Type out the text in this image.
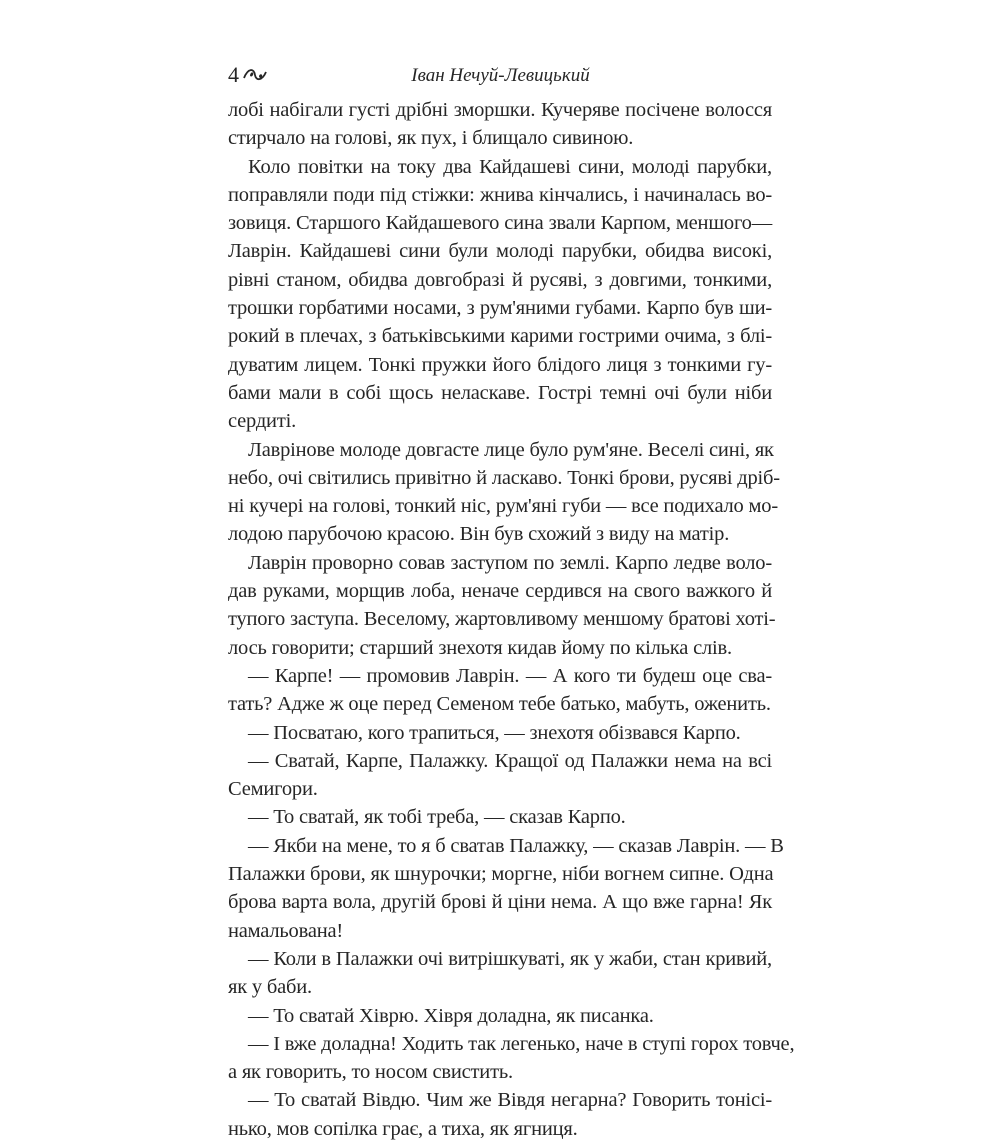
4	Іван Нечуй-Левицький
лобі набігали густі дрібні зморшки. Кучеряве посічене волосся
стирчало на голові, як пух, і блищало сивиною.
Коло повітки на току два Кайдашеві сини, молоді парубки,
поправляли поди під стіжки: жнива кінчались, і начиналась во-
зовиця. Старшого Кайдашевого сина звали Карпом, меншого—
Лаврін. Кайдашеві сини були молоді парубки, обидва високі,
рівні станом, обидва довгобразі й русяві, з довгими, тонкими,
трошки горбатими носами, з рум'яними губами. Карпо був ши-
рокий в плечах, з батьківськими карими гострими очима, з блі-
дуватим лицем. Тонкі пружки його блідого лиця з тонкими гу-
бами мали в собі щось неласкаве. Гострі темні очі були ніби
сердиті.
Лаврінове молоде довгасте лице було рум'яне. Веселі сині, як
небо, очі світились привітно й ласкаво. Тонкі брови, русяві дріб-
ні кучері на голові, тонкий ніс, рум'яні губи — все подихало мо-
лодою парубочою красою. Він був схожий з виду на матір.
Лаврін проворно совав заступом по землі. Карпо ледве воло-
дав руками, морщив лоба, неначе сердився на свого важкого й
тупого заступа. Веселому, жартовливому меншому братові хотi-
лось говорити; старший знехотя кидав йому по кілька слів.
— Карпе! — промовив Лаврін. — А кого ти будеш оце сва-
тать? Адже ж оце перед Семеном тебе батько, мабуть, оженить.
— Посватаю, кого трапиться, — знехотя обізвався Карпо.
— Сватай, Карпе, Палажку. Кращої од Палажки нема на всі
Семигори.
— То сватай, як тобі треба, — сказав Карпо.
— Якби на мене, то я б сватав Палажку, — сказав Лаврін. — В
Палажки брови, як шнурочки; моргне, ніби вогнем сипне. Одна
брова варта вола, другій брові й ціни нема. А що вже гарна! Як
намальована!
— Коли в Палажки очі витрішкуваті, як у жаби, стан кривий,
як у баби.
— То сватай Хіврю. Хівря доладна, як писанка.
— І вже доладна! Ходить так легенько, наче в ступі горох товче,
а як говорить, то носом свистить.
— То сватай Вівдю. Чим же Вівдя негарна? Говорить тонісі-
нько, мов сопілка грає, а тиха, як ягниця.
